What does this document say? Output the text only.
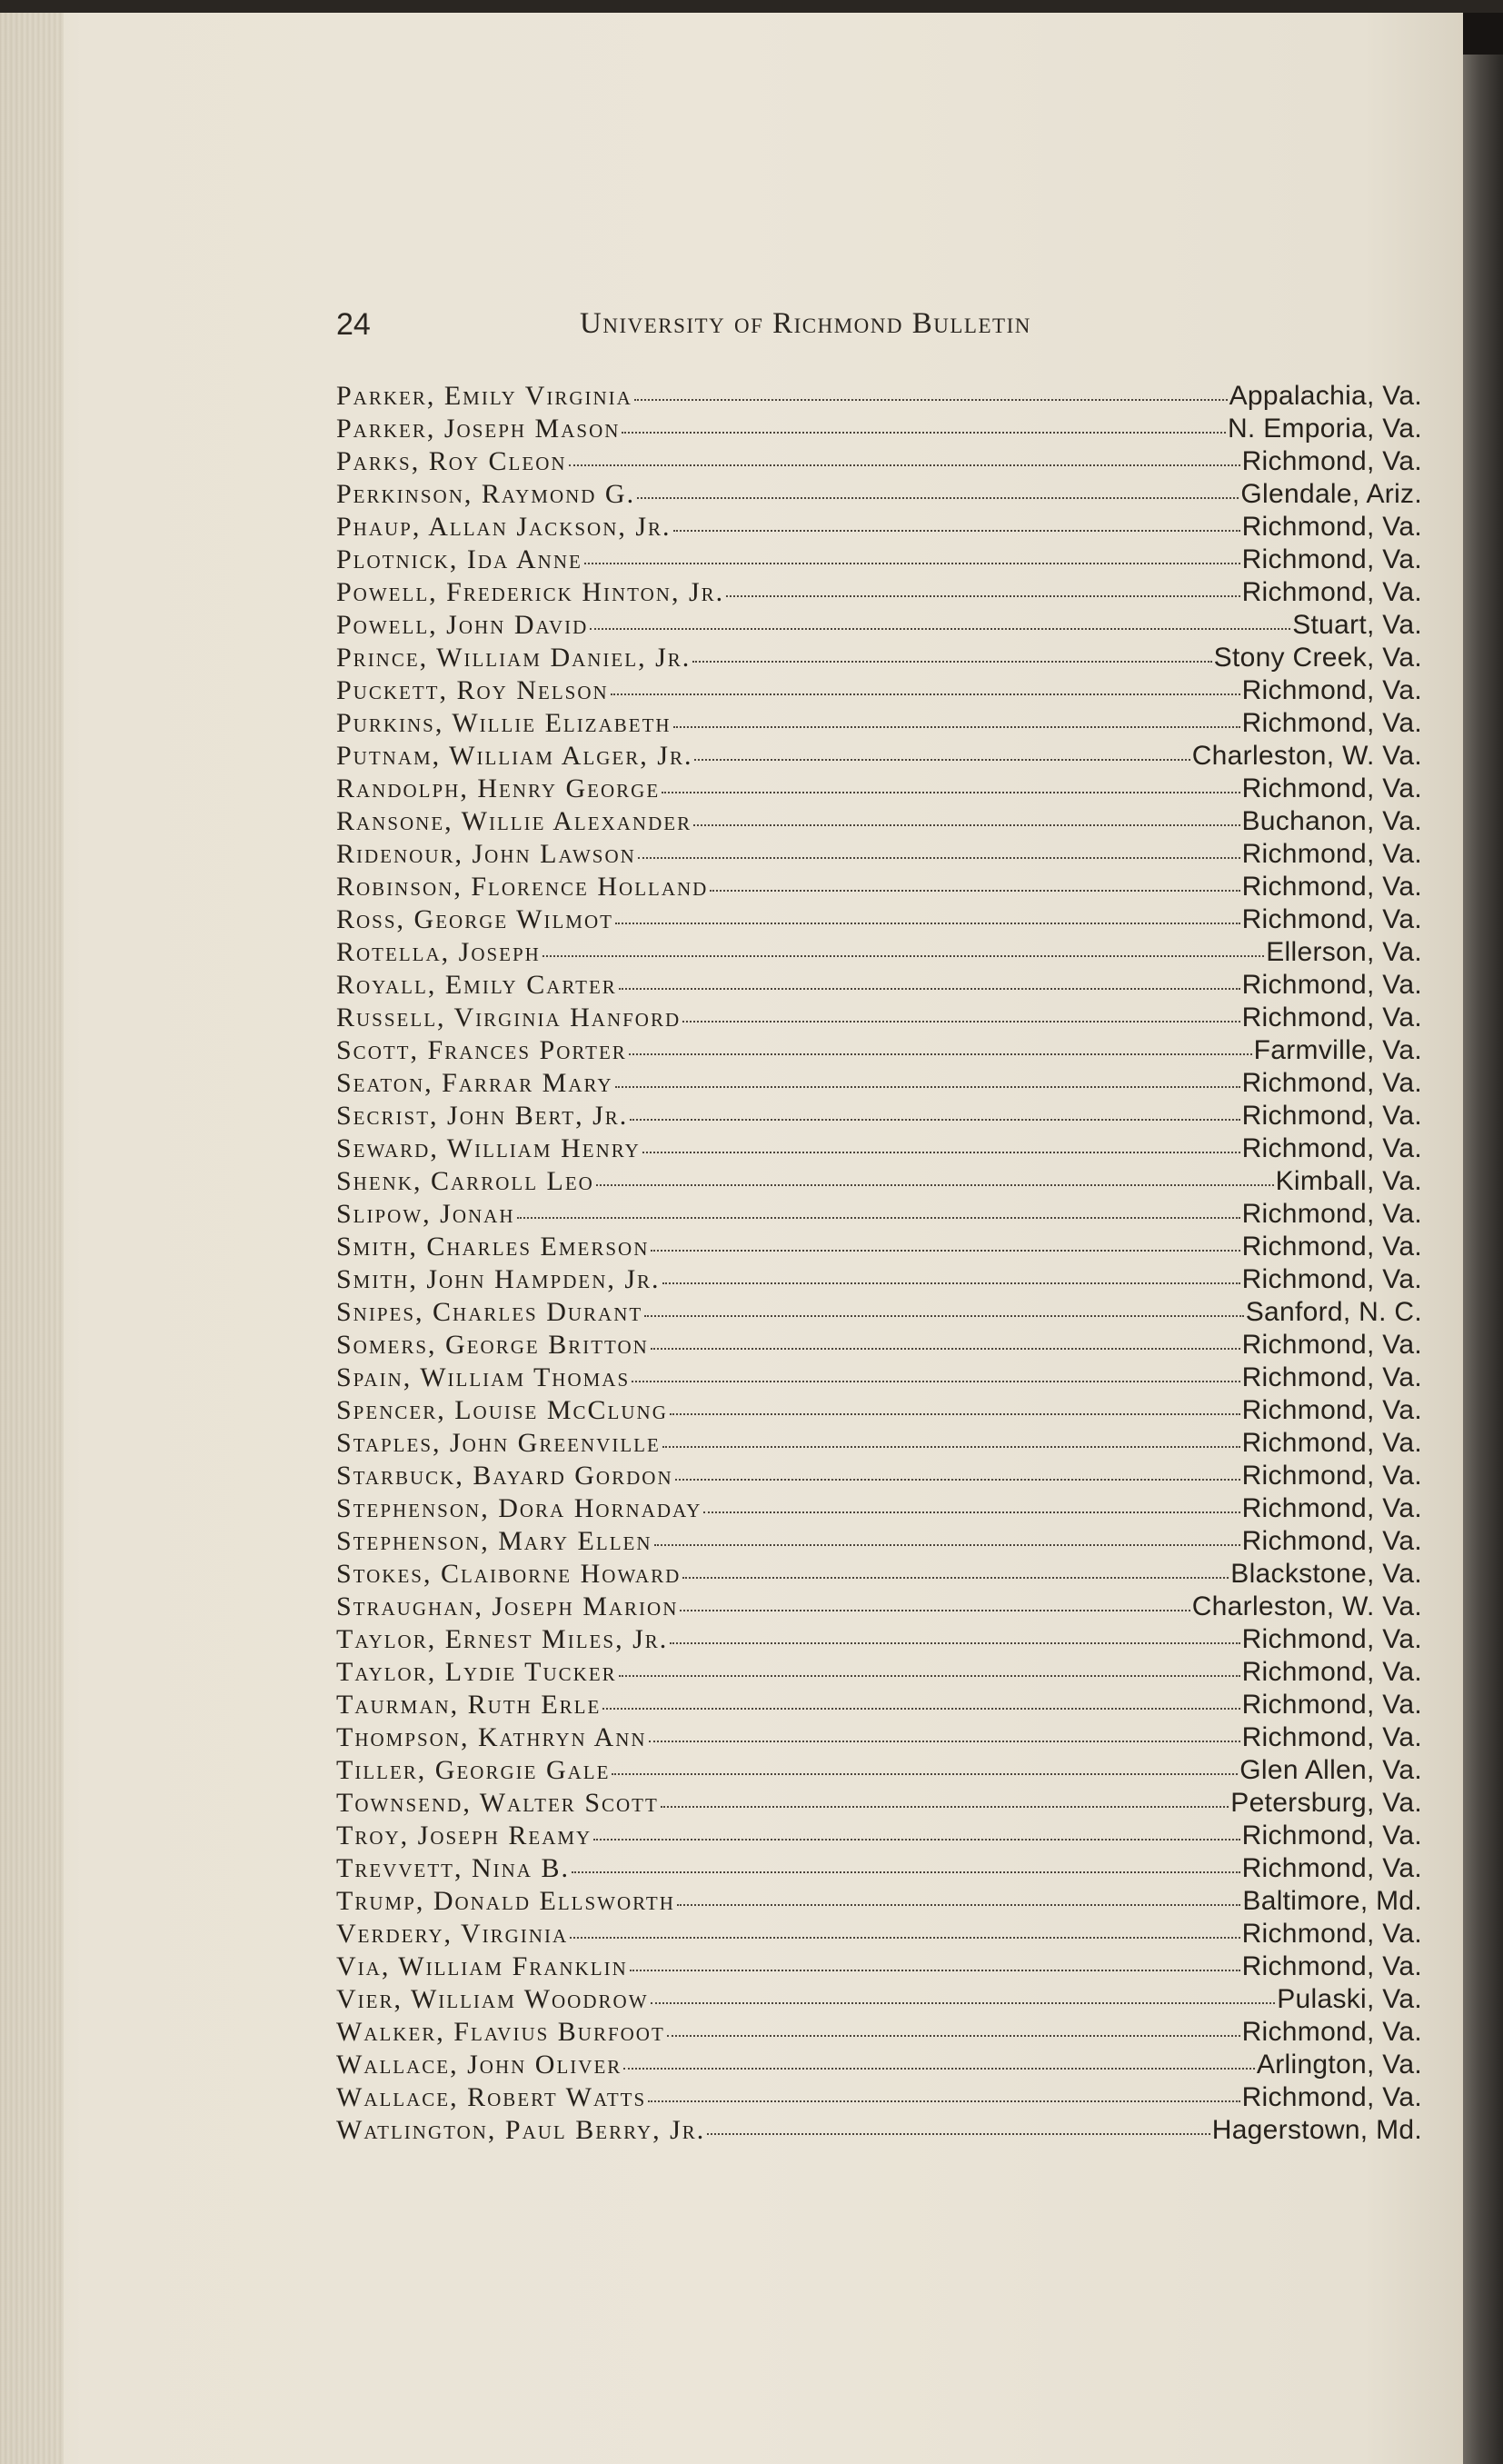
24	University of Richmond Bulletin
Parker, Emily Virginia	Appalachia, Va.
Parker, Joseph Mason	N. Emporia, Va.
Parks, Roy Cleon	Richmond, Va.
Perkinson, Raymond G.	Glendale, Ariz.
Phaup, Allan Jackson, Jr.	Richmond, Va.
Plotnick, Ida Anne	Richmond, Va.
Powell, Frederick Hinton, Jr.	Richmond, Va.
Powell, John David	Stuart, Va.
Prince, William Daniel, Jr.	Stony Creek, Va.
Puckett, Roy Nelson	Richmond, Va.
Purkins, Willie Elizabeth	Richmond, Va.
Putnam, William Alger, Jr.	Charleston, W. Va.
Randolph, Henry George	Richmond, Va.
Ransone, Willie Alexander	Buchanon, Va.
Ridenour, John Lawson	Richmond, Va.
Robinson, Florence Holland	Richmond, Va.
Ross, George Wilmot	Richmond, Va.
Rotella, Joseph	Ellerson, Va.
Royall, Emily Carter	Richmond, Va.
Russell, Virginia Hanford	Richmond, Va.
Scott, Frances Porter	Farmville, Va.
Seaton, Farrar Mary	Richmond, Va.
Secrist, John Bert, Jr.	Richmond, Va.
Seward, William Henry	Richmond, Va.
Shenk, Carroll Leo	Kimball, Va.
Slipow, Jonah	Richmond, Va.
Smith, Charles Emerson	Richmond, Va.
Smith, John Hampden, Jr.	Richmond, Va.
Snipes, Charles Durant	Sanford, N. C.
Somers, George Britton	Richmond, Va.
Spain, William Thomas	Richmond, Va.
Spencer, Louise McClung	Richmond, Va.
Staples, John Greenville	Richmond, Va.
Starbuck, Bayard Gordon	Richmond, Va.
Stephenson, Dora Hornaday	Richmond, Va.
Stephenson, Mary Ellen	Richmond, Va.
Stokes, Claiborne Howard	Blackstone, Va.
Straughan, Joseph Marion	Charleston, W. Va.
Taylor, Ernest Miles, Jr.	Richmond, Va.
Taylor, Lydie Tucker	Richmond, Va.
Taurman, Ruth Erle	Richmond, Va.
Thompson, Kathryn Ann	Richmond, Va.
Tiller, Georgie Gale	Glen Allen, Va.
Townsend, Walter Scott	Petersburg, Va.
Troy, Joseph Reamy	Richmond, Va.
Trevvett, Nina B.	Richmond, Va.
Trump, Donald Ellsworth	Baltimore, Md.
Verdery, Virginia	Richmond, Va.
Via, William Franklin	Richmond, Va.
Vier, William Woodrow	Pulaski, Va.
Walker, Flavius Burfoot	Richmond, Va.
Wallace, John Oliver	Arlington, Va.
Wallace, Robert Watts	Richmond, Va.
Watlington, Paul Berry, Jr.	Hagerstown, Md.
